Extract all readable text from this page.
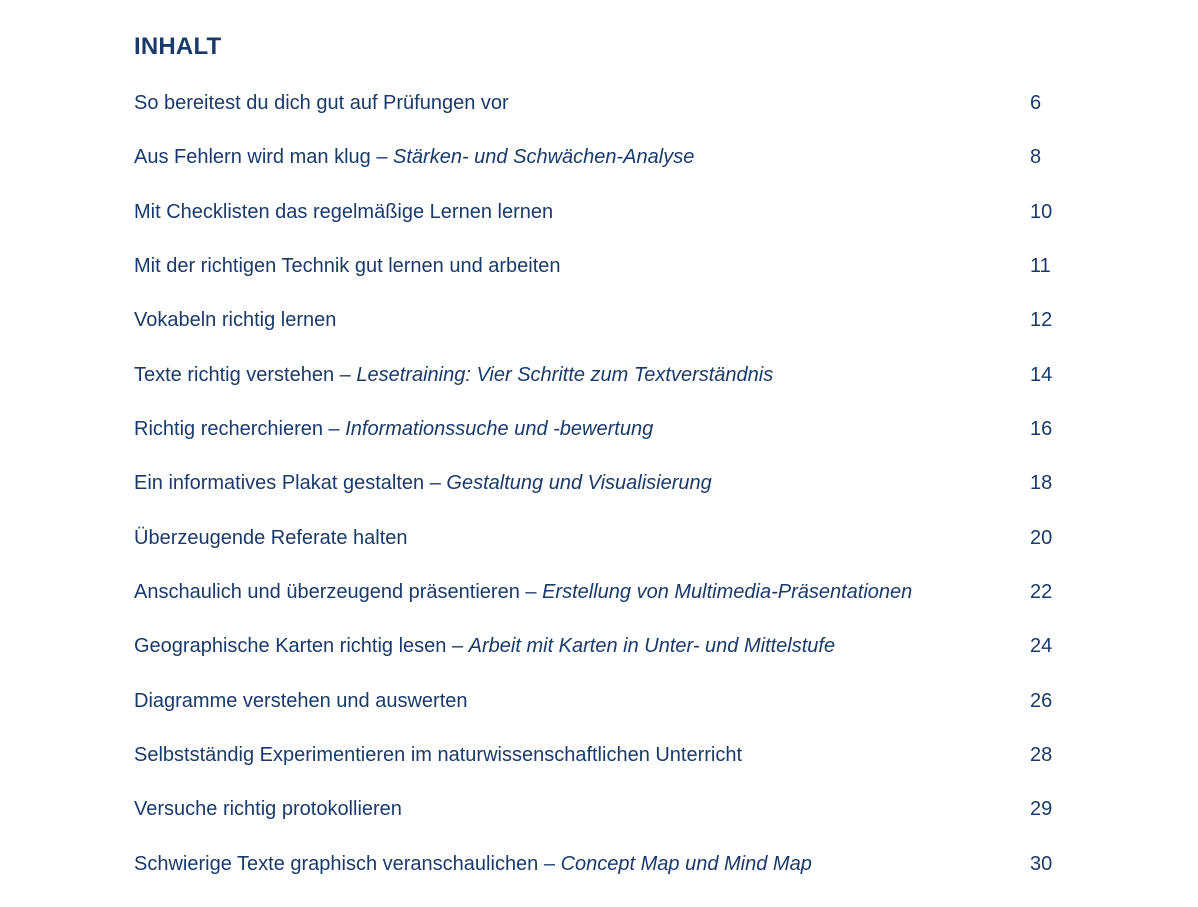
INHALT
So bereitest du dich gut auf Prüfungen vor	6
Aus Fehlern wird man klug – Stärken- und Schwächen-Analyse	8
Mit Checklisten das regelmäßige Lernen lernen	10
Mit der richtigen Technik gut lernen und arbeiten	11
Vokabeln richtig lernen	12
Texte richtig verstehen – Lesetraining: Vier Schritte zum Textverständnis	14
Richtig recherchieren – Informationssuche und -bewertung	16
Ein informatives Plakat gestalten – Gestaltung und Visualisierung	18
Überzeugende Referate halten	20
Anschaulich und überzeugend präsentieren – Erstellung von Multimedia-Präsentationen	22
Geographische Karten richtig lesen – Arbeit mit Karten in Unter- und Mittelstufe	24
Diagramme verstehen und auswerten	26
Selbstständig Experimentieren im naturwissenschaftlichen Unterricht	28
Versuche richtig protokollieren	29
Schwierige Texte graphisch veranschaulichen – Concept Map und Mind Map	30
